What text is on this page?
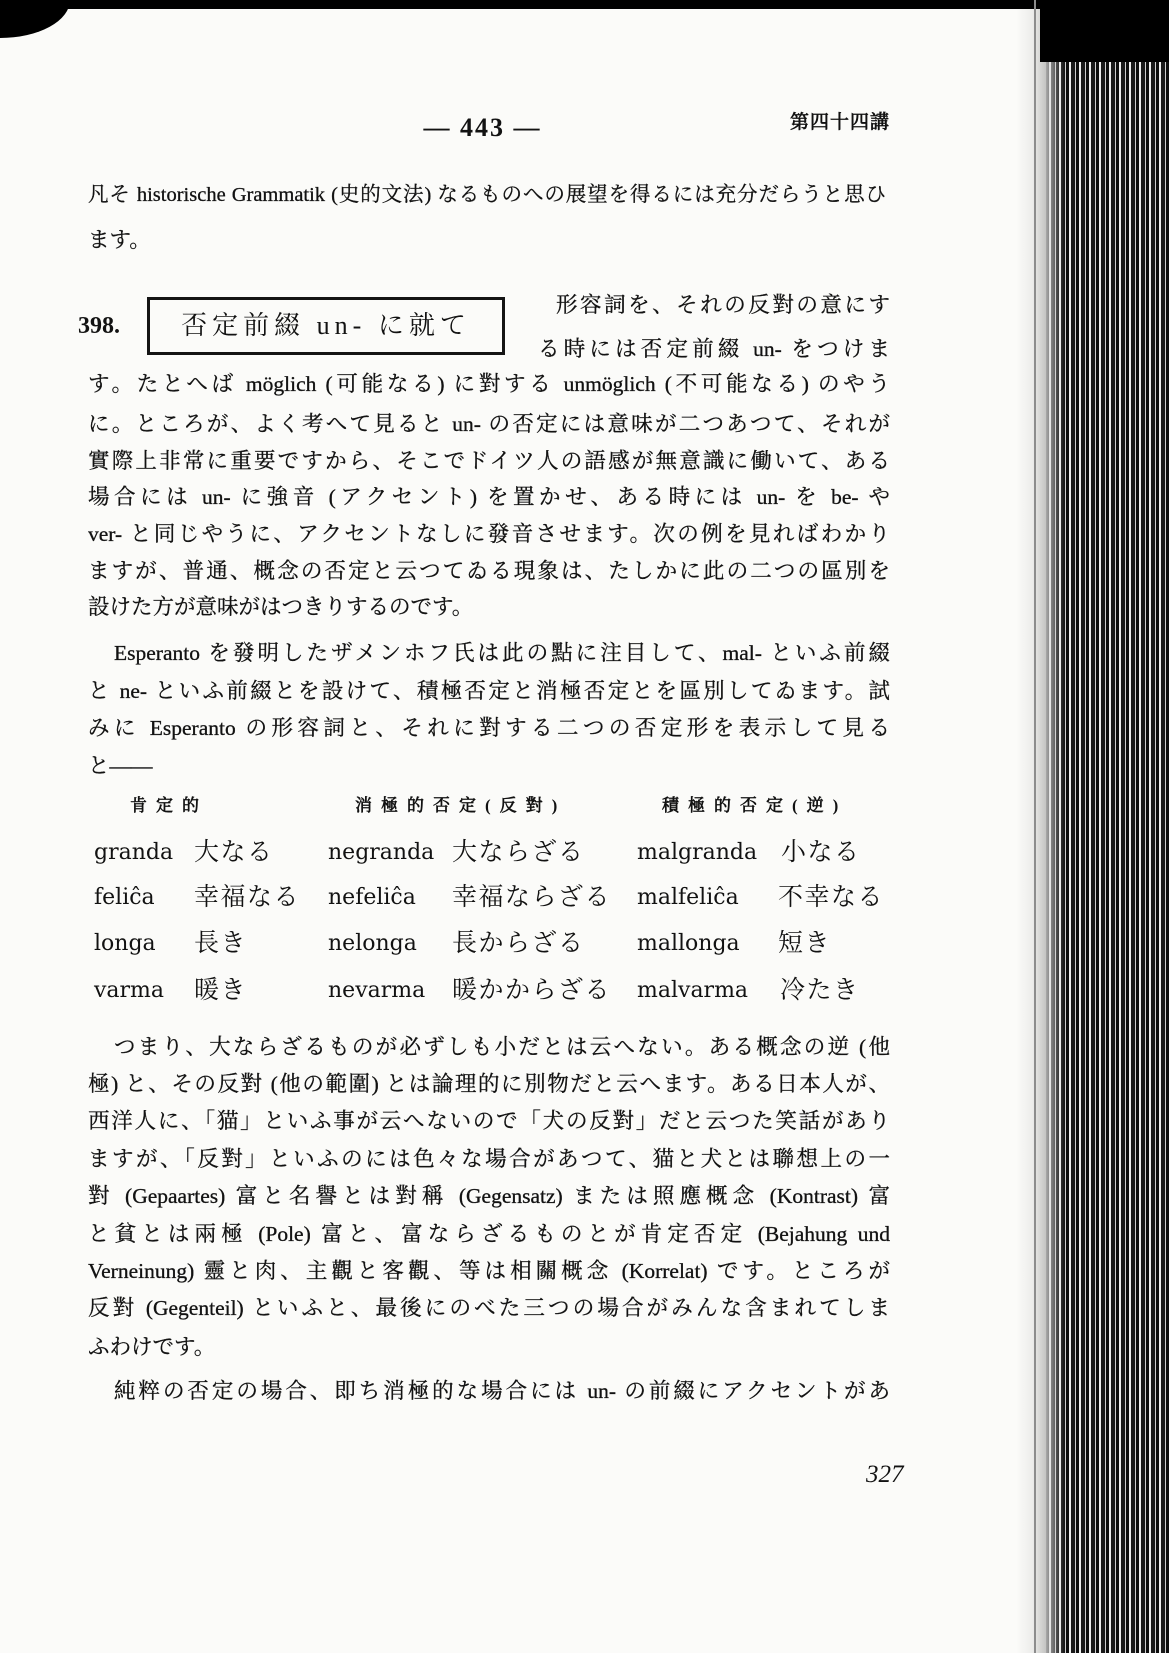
— 443 —	第四十四講
凡そ historische Grammatik (史的文法) なるものへの展望を得るには充分だらうと思ひ
ます。
398.	否定前綴 un- に就て
形容詞を、それの反對の意にす
る時には否定前綴 un- をつけま
す。たとへば möglich (可能なる) に對する unmöglich (不可能なる) のやう
に。ところが、よく考へて見ると un- の否定には意味が二つあつて、それが
實際上非常に重要ですから、そこでドイツ人の語感が無意識に働いて、ある
場合には un- に強音 (アクセント) を置かせ、ある時には un- を be- や
ver- と同じやうに、アクセントなしに發音させます。次の例を見ればわかり
ますが、普通、概念の否定と云つてゐる現象は、たしかに此の二つの區別を
設けた方が意味がはつきりするのです。
Esperanto を發明したザメンホフ氏は此の點に注目して、mal- といふ前綴
と ne- といふ前綴とを設けて、積極否定と消極否定とを區別してゐます。試
みに Esperanto の形容詞と、それに對する二つの否定形を表示して見る
と——
肯定的	消極的否定(反對)	積極的否定(逆)
granda 大なる negranda 大ならざる malgranda 小なる
feliĉa 幸福なる nefeliĉa 幸福ならざる malfeliĉa 不幸なる
longa 長き	nelonga 長からざる mallonga 短き
varma 暖き	nevarma 暖かからざる malvarma 冷たき
つまり、大ならざるものが必ずしも小だとは云へない。ある概念の逆 (他
極) と、その反對 (他の範圍) とは論理的に別物だと云へます。ある日本人が、
西洋人に、「猫」といふ事が云へないので「犬の反對」だと云つた笑話があり
ますが、「反對」といふのには色々な場合があつて、猫と犬とは聯想上の一
對 (Gepaartes) 富と名譽とは對稱 (Gegensatz) または照應概念 (Kontrast) 富
と貧とは兩極 (Pole) 富と、富ならざるものとが肯定否定 (Bejahung und
Verneinung) 靈と肉、主觀と客觀、等は相關概念 (Korrelat) です。ところが
反對 (Gegenteil) といふと、最後にのべた三つの場合がみんな含まれてしま
ふわけです。
純粹の否定の場合、即ち消極的な場合には un- の前綴にアクセントがあ
327
